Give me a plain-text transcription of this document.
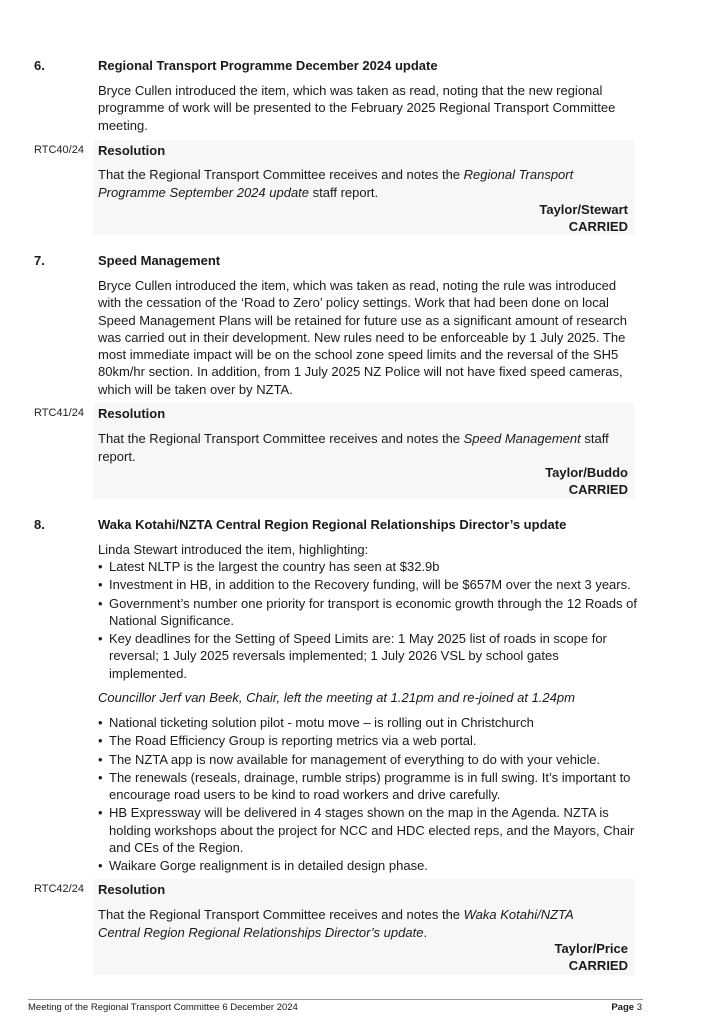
6.	Regional Transport Programme December 2024 update
Bryce Cullen introduced the item, which was taken as read, noting that the new regional programme of work will be presented to the February 2025 Regional Transport Committee meeting.
RTC40/24 Resolution
That the Regional Transport Committee receives and notes the Regional Transport Programme September 2024 update staff report.
Taylor/Stewart
CARRIED
7.	Speed Management
Bryce Cullen introduced the item, which was taken as read, noting the rule was introduced with the cessation of the ‘Road to Zero’ policy settings. Work that had been done on local Speed Management Plans will be retained for future use as a significant amount of research was carried out in their development. New rules need to be enforceable by 1 July 2025. The most immediate impact will be on the school zone speed limits and the reversal of the SH5 80km/hr section. In addition, from 1 July 2025 NZ Police will not have fixed speed cameras, which will be taken over by NZTA.
RTC41/24 Resolution
That the Regional Transport Committee receives and notes the Speed Management staff report.
Taylor/Buddo
CARRIED
8.	Waka Kotahi/NZTA Central Region Regional Relationships Director’s update
Linda Stewart introduced the item, highlighting:
• Latest NLTP is the largest the country has seen at $32.9b
• Investment in HB, in addition to the Recovery funding, will be $657M over the next 3 years.
• Government’s number one priority for transport is economic growth through the 12 Roads of National Significance.
• Key deadlines for the Setting of Speed Limits are: 1 May 2025 list of roads in scope for reversal; 1 July 2025 reversals implemented; 1 July 2026 VSL by school gates implemented.
Councillor Jerf van Beek, Chair, left the meeting at 1.21pm and re-joined at 1.24pm
• National ticketing solution pilot - motu move – is rolling out in Christchurch
• The Road Efficiency Group is reporting metrics via a web portal.
• The NZTA app is now available for management of everything to do with your vehicle.
• The renewals (reseals, drainage, rumble strips) programme is in full swing. It’s important to encourage road users to be kind to road workers and drive carefully.
• HB Expressway will be delivered in 4 stages shown on the map in the Agenda. NZTA is holding workshops about the project for NCC and HDC elected reps, and the Mayors, Chair and CEs of the Region.
• Waikare Gorge realignment is in detailed design phase.
RTC42/24 Resolution
That the Regional Transport Committee receives and notes the Waka Kotahi/NZTA Central Region Regional Relationships Director’s update.
Taylor/Price
CARRIED
Meeting of the Regional Transport Committee 6 December 2024	Page 3
